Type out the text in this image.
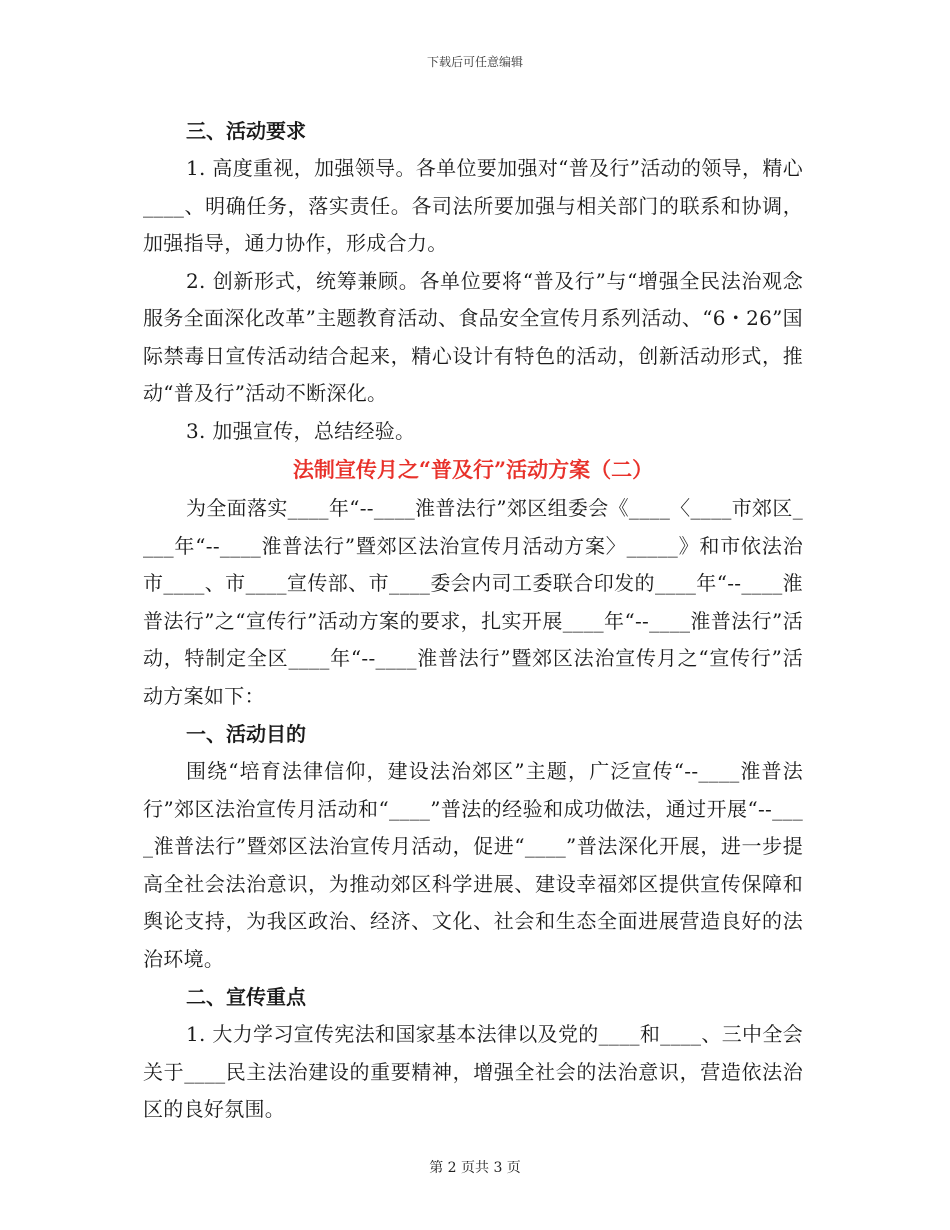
下载后可任意编辑

三、活动要求

1. 高度重视，加强领导。各单位要加强对“普及行”活动的领导，精心____、明确任务，落实责任。各司法所要加强与相关部门的联系和协调，加强指导，通力协作，形成合力。

2. 创新形式，统筹兼顾。各单位要将“普及行”与“增强全民法治观念服务全面深化改革”主题教育活动、食品安全宣传月系列活动、“6・26”国际禁毒日宣传活动结合起来，精心设计有特色的活动，创新活动形式，推动“普及行”活动不断深化。

3. 加强宣传，总结经验。

法制宣传月之“普及行”活动方案（二）

为全面落实____年“--____淮普法行”郊区组委会《____〈____市郊区____年“--____淮普法行”暨郊区法治宣传月活动方案〉_____》和市依法治市____、市____宣传部、市____委会内司工委联合印发的____年“--____淮普法行”之“宣传行”活动方案的要求，扎实开展____年“--____淮普法行”活动，特制定全区____年“--____淮普法行”暨郊区法治宣传月之“宣传行”活动方案如下：

一、活动目的

围绕“培育法律信仰，建设法治郊区”主题，广泛宣传“--____淮普法行”郊区法治宣传月活动和“____”普法的经验和成功做法，通过开展“--____淮普法行”暨郊区法治宣传月活动，促进“____”普法深化开展，进一步提高全社会法治意识，为推动郊区科学进展、建设幸福郊区提供宣传保障和舆论支持，为我区政治、经济、文化、社会和生态全面进展营造良好的法治环境。

二、宣传重点

1. 大力学习宣传宪法和国家基本法律以及党的____和____、三中全会关于____民主法治建设的重要精神，增强全社会的法治意识，营造依法治区的良好氛围。

第 2 页共 3 页
